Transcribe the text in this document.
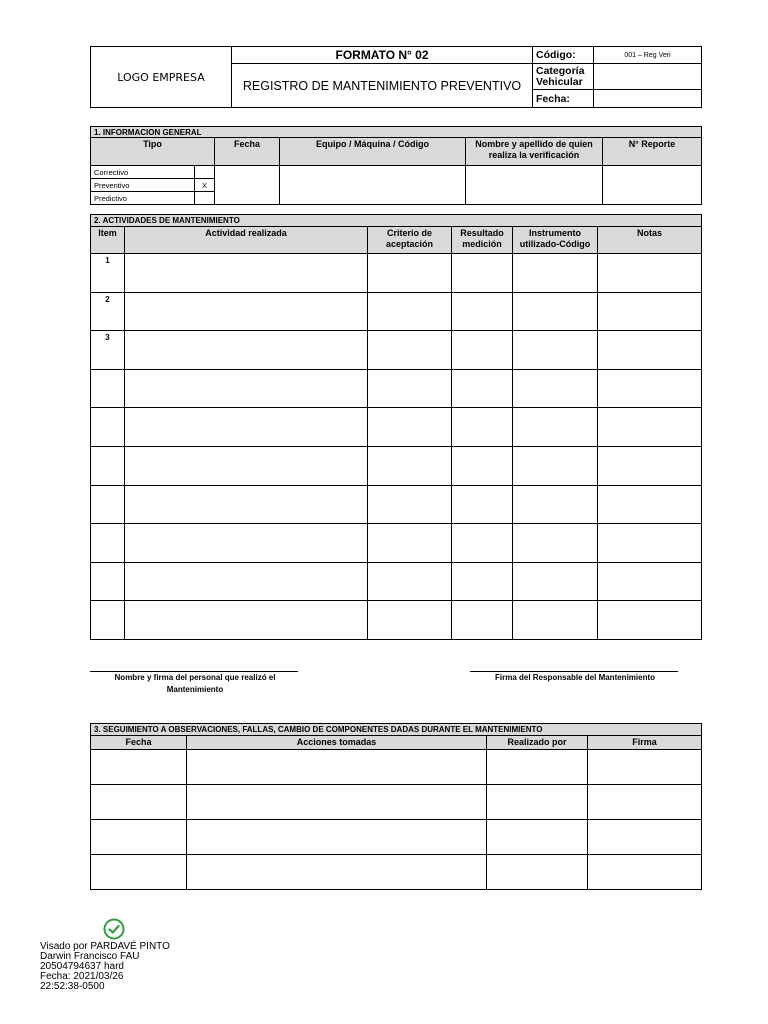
LOGO EMPRESA	FORMATO N° 02	Código:	001 – Reg Veri
	REGISTRO DE MANTENIMIENTO PREVENTIVO	Categoría Vehicular	
		Fecha:	
1. INFORMACION GENERAL					
Tipo		Fecha	Equipo / Máquina / Código	Nombre y apellido de quien realiza la verificación	N° Reporte
Correctivo					
Preventivo	X				
Predictivo					
2. ACTIVIDADES DE MANTENIMIENTO					
Item	Actividad realizada	Criterio de aceptación	Resultado medición	Instrumento utilizado-Código	Notas
1					
2					
3					

Nombre y firma del personal que realizó el Mantenimiento
Firma del Responsable del Mantenimiento
3. SEGUIMIENTO A OBSERVACIONES, FALLAS, CAMBIO DE COMPONENTES DADAS DURANTE EL MANTENIMIENTO			
Fecha	Acciones tomadas	Realizado por	Firma

Visado por PARDAVÉ PINTO
Darwin Francisco FAU
20504794637 hard
Fecha: 2021/03/26
22:52:38-0500
